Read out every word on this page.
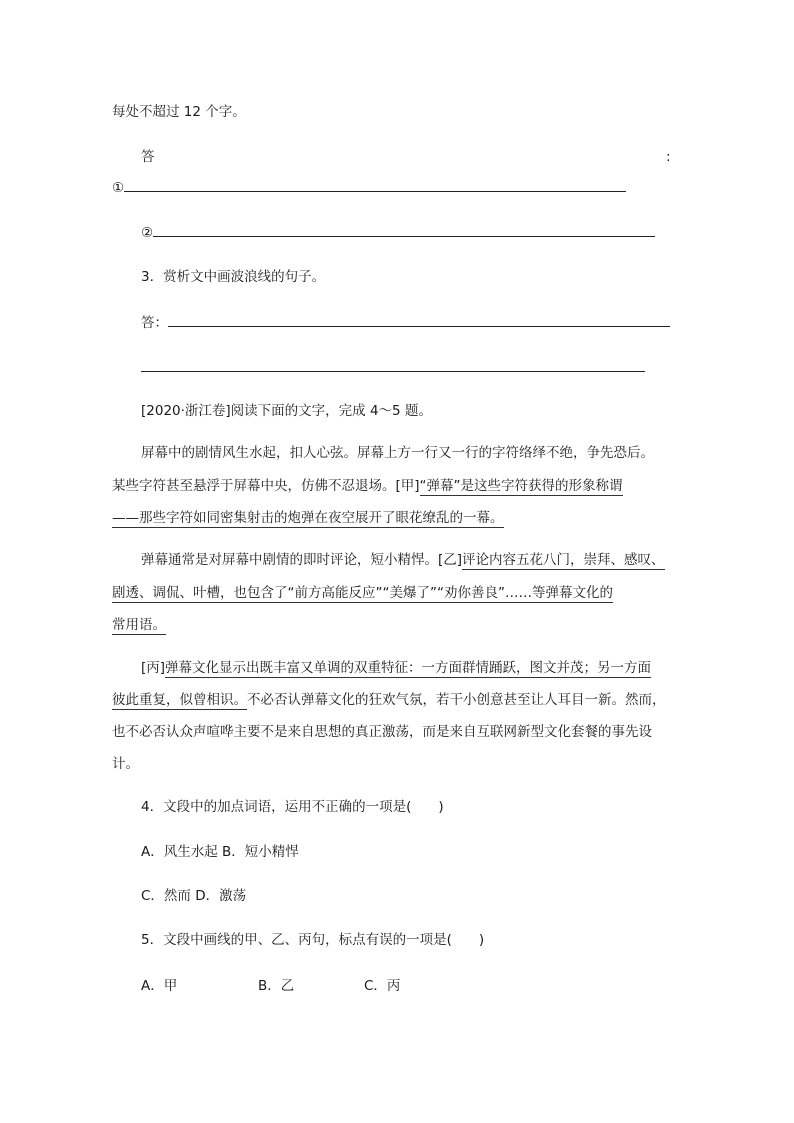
每处不超过 12 个字。
答	:
①
②
3．赏析文中画波浪线的句子。
答：
[2020·浙江卷]阅读下面的文字，完成 4～5 题。
屏幕中的剧情风生水起，扣人心弦。屏幕上方一行又一行的字符络绎不绝，争先恐后。
某些字符甚至悬浮于屏幕中央，仿佛不忍退场。[甲]“弹幕”是这些字符获得的形象称谓
——那些字符如同密集射击的炮弹在夜空展开了眼花缭乱的一幕。
弹幕通常是对屏幕中剧情的即时评论，短小精悍。[乙]评论内容五花八门，崇拜、感叹、
剧透、调侃、叶槽，也包含了“前方高能反应”“美爆了”“劝你善良”……等弹幕文化的
常用语。
[丙]弹幕文化显示出既丰富又单调的双重特征：一方面群情踊跃，图文并茂；另一方面
彼此重复，似曾相识。不必否认弹幕文化的狂欢气氛，若干小创意甚至让人耳目一新。然而，
也不必否认众声喧哗主要不是来自思想的真正激荡，而是来自互联网新型文化套餐的事先设
计。
4．文段中的加点词语，运用不正确的一项是(　　)
A．风生水起 B．短小精悍
C．然而 D．激荡
5．文段中画线的甲、乙、丙句，标点有误的一项是(　　)
A．甲	B．乙	C．丙
